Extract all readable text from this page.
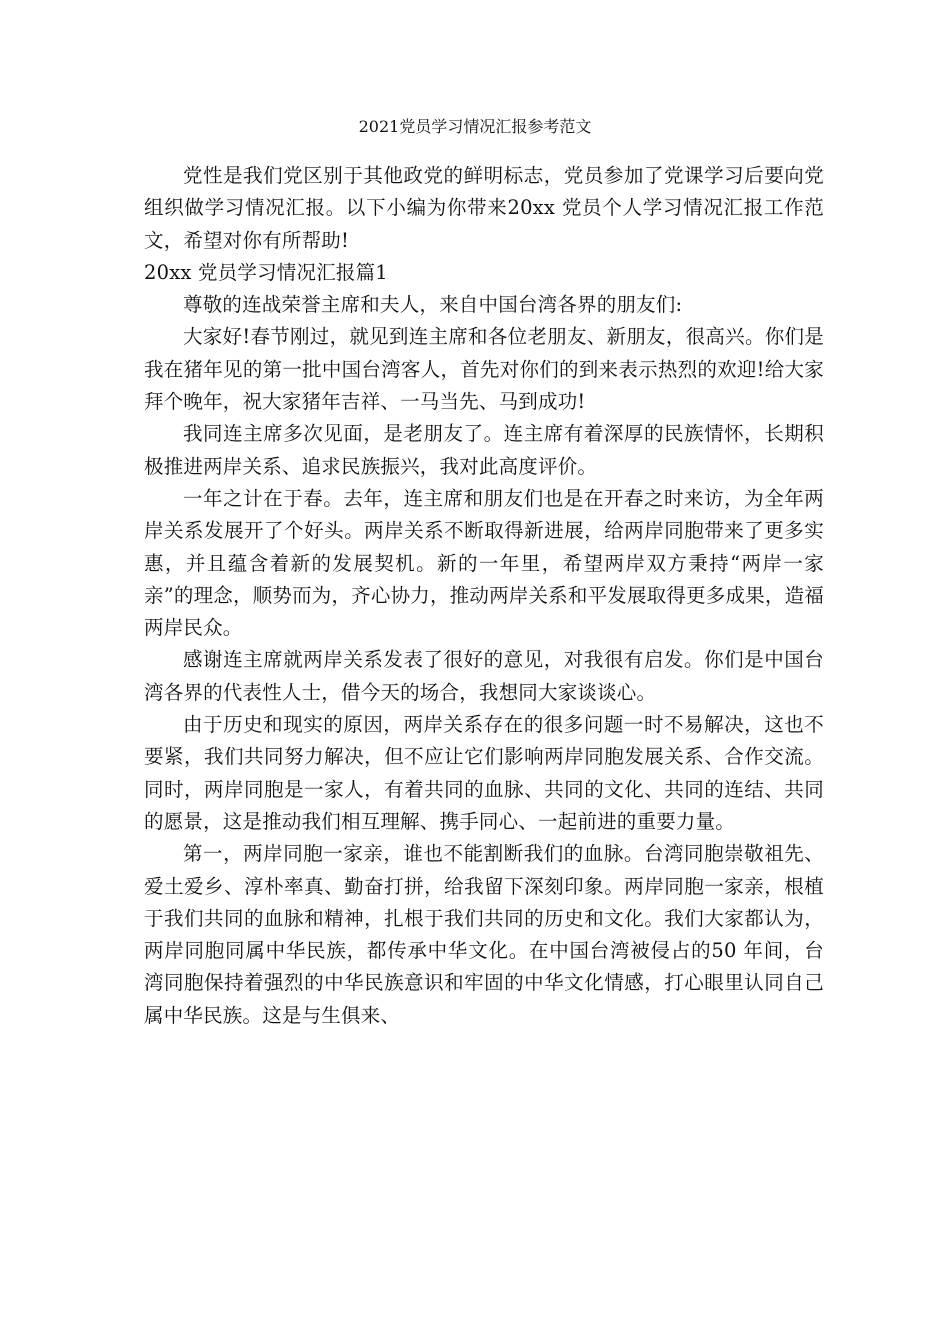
2021党员学习情况汇报参考范文

党性是我们党区别于其他政党的鲜明标志，党员参加了党课学习后要向党组织做学习情况汇报。以下小编为你带来20xx 党员个人学习情况汇报工作范文，希望对你有所帮助!

20xx 党员学习情况汇报篇1

尊敬的连战荣誉主席和夫人，来自中国台湾各界的朋友们:

大家好!春节刚过，就见到连主席和各位老朋友、新朋友，很高兴。你们是我在猪年见的第一批中国台湾客人，首先对你们的到来表示热烈的欢迎!给大家拜个晚年，祝大家猪年吉祥、一马当先、马到成功!

我同连主席多次见面，是老朋友了。连主席有着深厚的民族情怀，长期积极推进两岸关系、追求民族振兴，我对此高度评价。

一年之计在于春。去年，连主席和朋友们也是在开春之时来访，为全年两岸关系发展开了个好头。两岸关系不断取得新进展，给两岸同胞带来了更多实惠，并且蕴含着新的发展契机。新的一年里，希望两岸双方秉持“两岸一家亲”的理念，顺势而为，齐心协力，推动两岸关系和平发展取得更多成果，造福两岸民众。

感谢连主席就两岸关系发表了很好的意见，对我很有启发。你们是中国台湾各界的代表性人士，借今天的场合，我想同大家谈谈心。

由于历史和现实的原因，两岸关系存在的很多问题一时不易解决，这也不要紧，我们共同努力解决，但不应让它们影响两岸同胞发展关系、合作交流。同时，两岸同胞是一家人，有着共同的血脉、共同的文化、共同的连结、共同的愿景，这是推动我们相互理解、携手同心、一起前进的重要力量。

第一，两岸同胞一家亲，谁也不能割断我们的血脉。台湾同胞崇敬祖先、爱土爱乡、淳朴率真、勤奋打拼，给我留下深刻印象。两岸同胞一家亲，根植于我们共同的血脉和精神，扎根于我们共同的历史和文化。我们大家都认为，两岸同胞同属中华民族，都传承中华文化。在中国台湾被侵占的50 年间，台湾同胞保持着强烈的中华民族意识和牢固的中华文化情感，打心眼里认同自己属中华民族。这是与生俱来、
